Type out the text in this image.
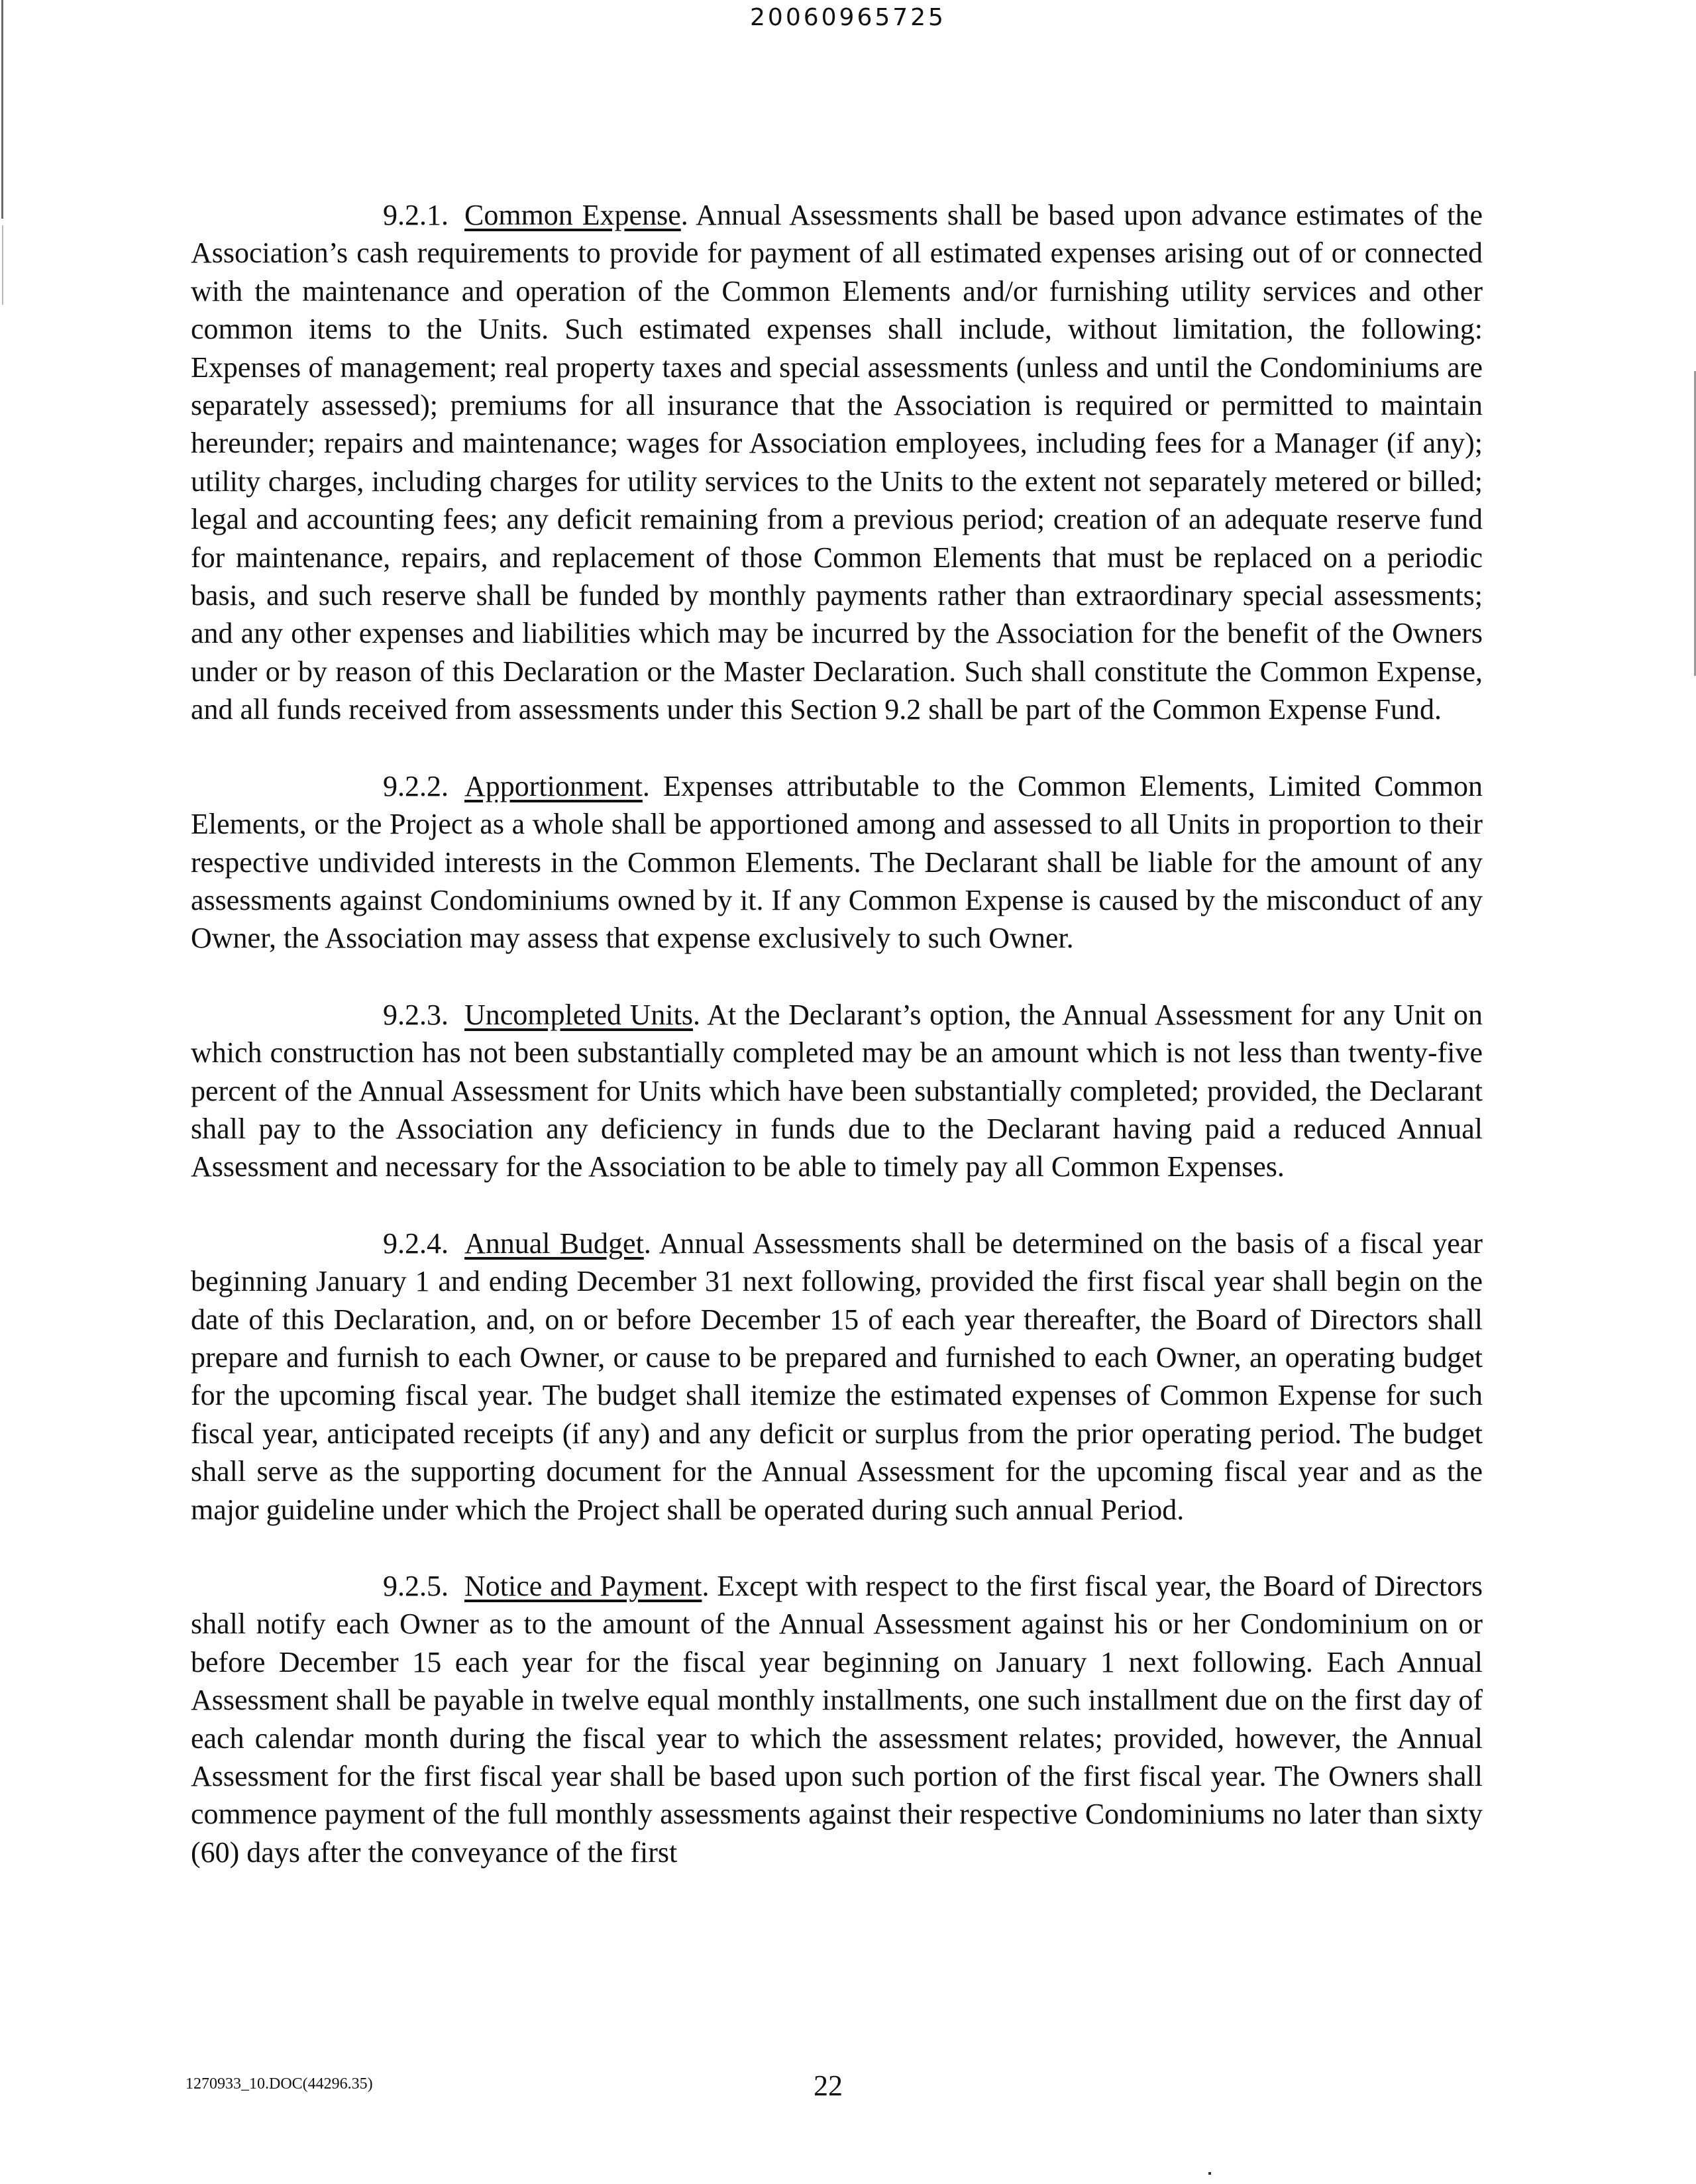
20060965725

9.2.1. Common Expense. Annual Assessments shall be based upon advance estimates of the Association’s cash requirements to provide for payment of all estimated expenses arising out of or connected with the maintenance and operation of the Common Elements and/or furnishing utility services and other common items to the Units. Such estimated expenses shall include, without limitation, the following: Expenses of management; real property taxes and special assessments (unless and until the Condominiums are separately assessed); premiums for all insurance that the Association is required or permitted to maintain hereunder; repairs and maintenance; wages for Association employees, including fees for a Manager (if any); utility charges, including charges for utility services to the Units to the extent not separately metered or billed; legal and accounting fees; any deficit remaining from a previous period; creation of an adequate reserve fund for maintenance, repairs, and replacement of those Common Elements that must be replaced on a periodic basis, and such reserve shall be funded by monthly payments rather than extraordinary special assessments; and any other expenses and liabilities which may be incurred by the Association for the benefit of the Owners under or by reason of this Declaration or the Master Declaration. Such shall constitute the Common Expense, and all funds received from assessments under this Section 9.2 shall be part of the Common Expense Fund.

9.2.2. Apportionment. Expenses attributable to the Common Elements, Limited Common Elements, or the Project as a whole shall be apportioned among and assessed to all Units in proportion to their respective undivided interests in the Common Elements. The Declarant shall be liable for the amount of any assessments against Condominiums owned by it. If any Common Expense is caused by the misconduct of any Owner, the Association may assess that expense exclusively to such Owner.

9.2.3. Uncompleted Units. At the Declarant’s option, the Annual Assessment for any Unit on which construction has not been substantially completed may be an amount which is not less than twenty-five percent of the Annual Assessment for Units which have been substantially completed; provided, the Declarant shall pay to the Association any deficiency in funds due to the Declarant having paid a reduced Annual Assessment and necessary for the Association to be able to timely pay all Common Expenses.

9.2.4. Annual Budget. Annual Assessments shall be determined on the basis of a fiscal year beginning January 1 and ending December 31 next following, provided the first fiscal year shall begin on the date of this Declaration, and, on or before December 15 of each year thereafter, the Board of Directors shall prepare and furnish to each Owner, or cause to be prepared and furnished to each Owner, an operating budget for the upcoming fiscal year. The budget shall itemize the estimated expenses of Common Expense for such fiscal year, anticipated receipts (if any) and any deficit or surplus from the prior operating period. The budget shall serve as the supporting document for the Annual Assessment for the upcoming fiscal year and as the major guideline under which the Project shall be operated during such annual Period.

9.2.5. Notice and Payment. Except with respect to the first fiscal year, the Board of Directors shall notify each Owner as to the amount of the Annual Assessment against his or her Condominium on or before December 15 each year for the fiscal year beginning on January 1 next following. Each Annual Assessment shall be payable in twelve equal monthly installments, one such installment due on the first day of each calendar month during the fiscal year to which the assessment relates; provided, however, the Annual Assessment for the first fiscal year shall be based upon such portion of the first fiscal year. The Owners shall commence payment of the full monthly assessments against their respective Condominiums no later than sixty (60) days after the conveyance of the first

1270933_10.DOC(44296.35)	22
